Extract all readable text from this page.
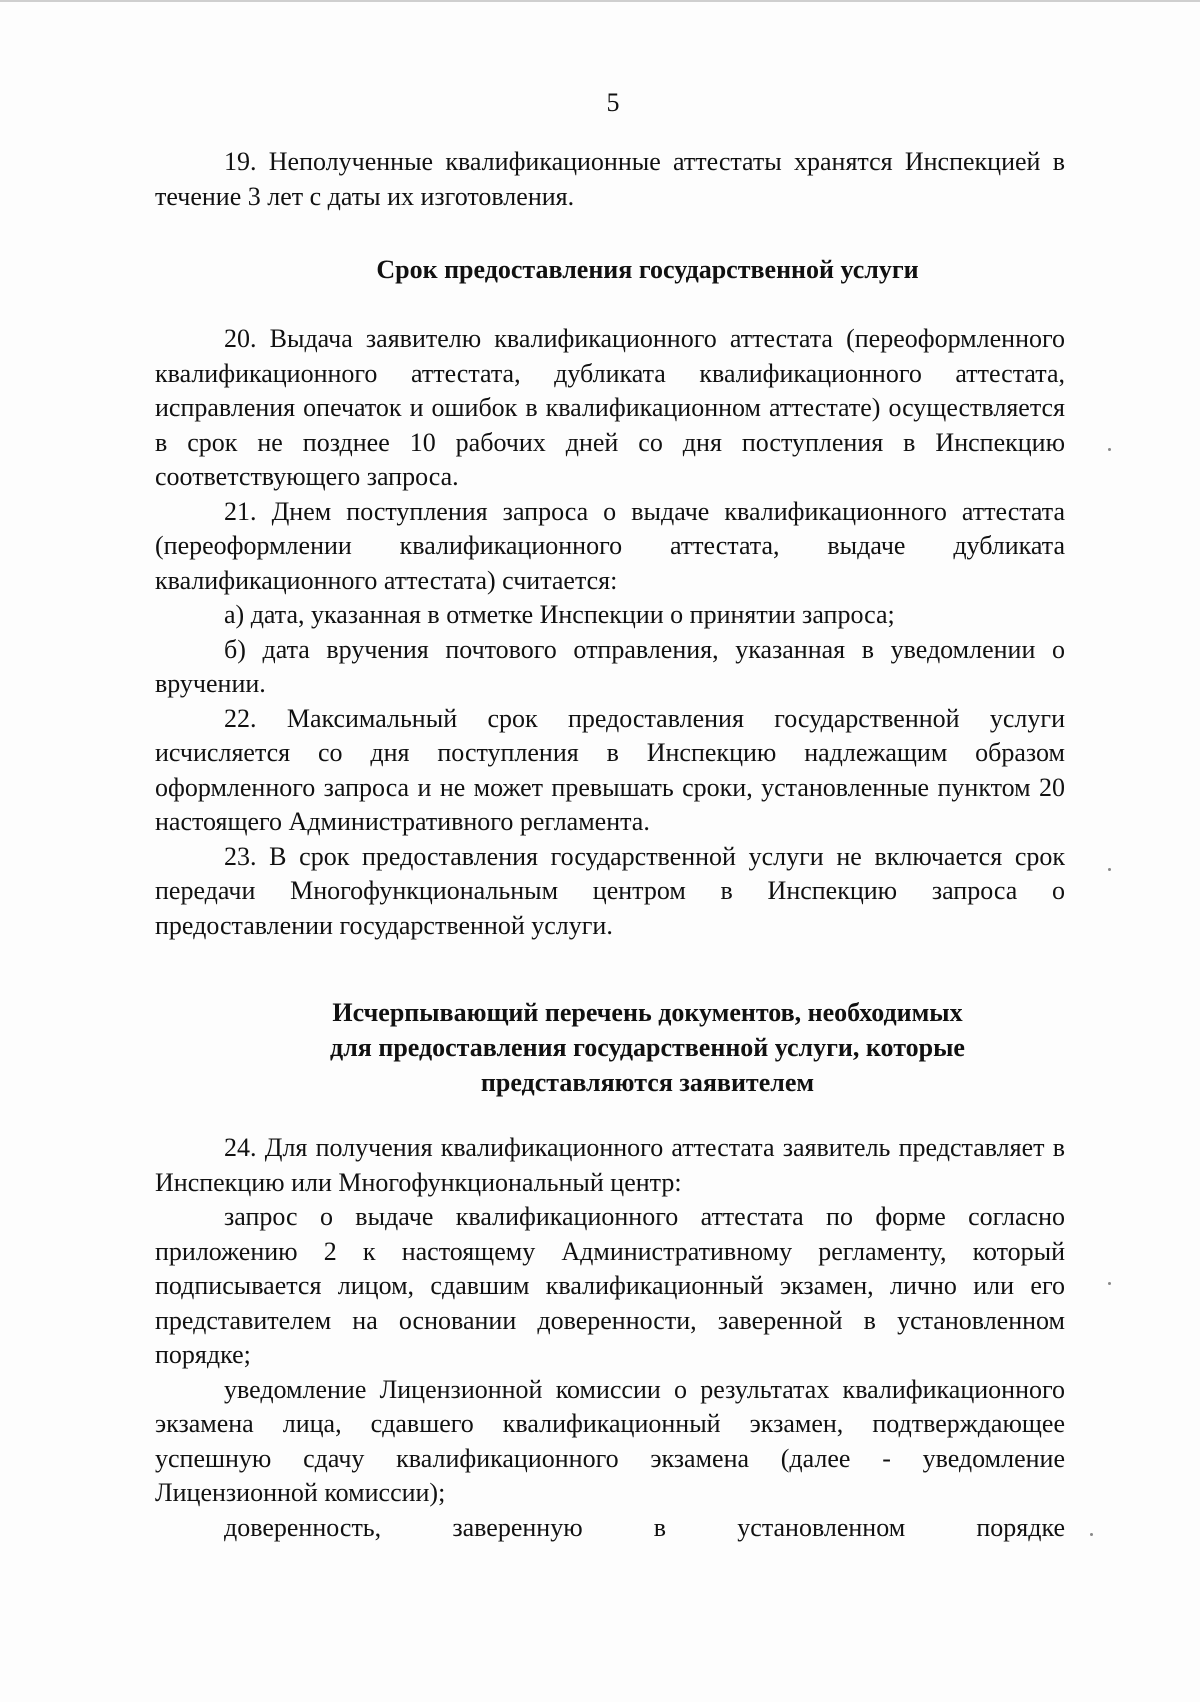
5

19. Неполученные квалификационные аттестаты хранятся Инспекцией в течение 3 лет с даты их изготовления.

Срок предоставления государственной услуги

20. Выдача заявителю квалификационного аттестата (переоформленного квалификационного аттестата, дубликата квалификационного аттестата, исправления опечаток и ошибок в квалификационном аттестате) осуществляется в срок не позднее 10 рабочих дней со дня поступления в Инспекцию соответствующего запроса.

21. Днем поступления запроса о выдаче квалификационного аттестата (переоформлении квалификационного аттестата, выдаче дубликата квалификационного аттестата) считается:

а) дата, указанная в отметке Инспекции о принятии запроса;

б) дата вручения почтового отправления, указанная в уведомлении о вручении.

22. Максимальный срок предоставления государственной услуги исчисляется со дня поступления в Инспекцию надлежащим образом оформленного запроса и не может превышать сроки, установленные пунктом 20 настоящего Административного регламента.

23. В срок предоставления государственной услуги не включается срок передачи Многофункциональным центром в Инспекцию запроса о предоставлении государственной услуги.

Исчерпывающий перечень документов, необходимых
для предоставления государственной услуги, которые
представляются заявителем

24. Для получения квалификационного аттестата заявитель представляет в Инспекцию или Многофункциональный центр:

запрос о выдаче квалификационного аттестата по форме согласно приложению 2 к настоящему Административному регламенту, который подписывается лицом, сдавшим квалификационный экзамен, лично или его представителем на основании доверенности, заверенной в установленном порядке;

уведомление Лицензионной комиссии о результатах квалификационного экзамена лица, сдавшего квалификационный экзамен, подтверждающее успешную сдачу квалификационного экзамена (далее - уведомление Лицензионной комиссии);

доверенность, заверенную в установленном порядке
